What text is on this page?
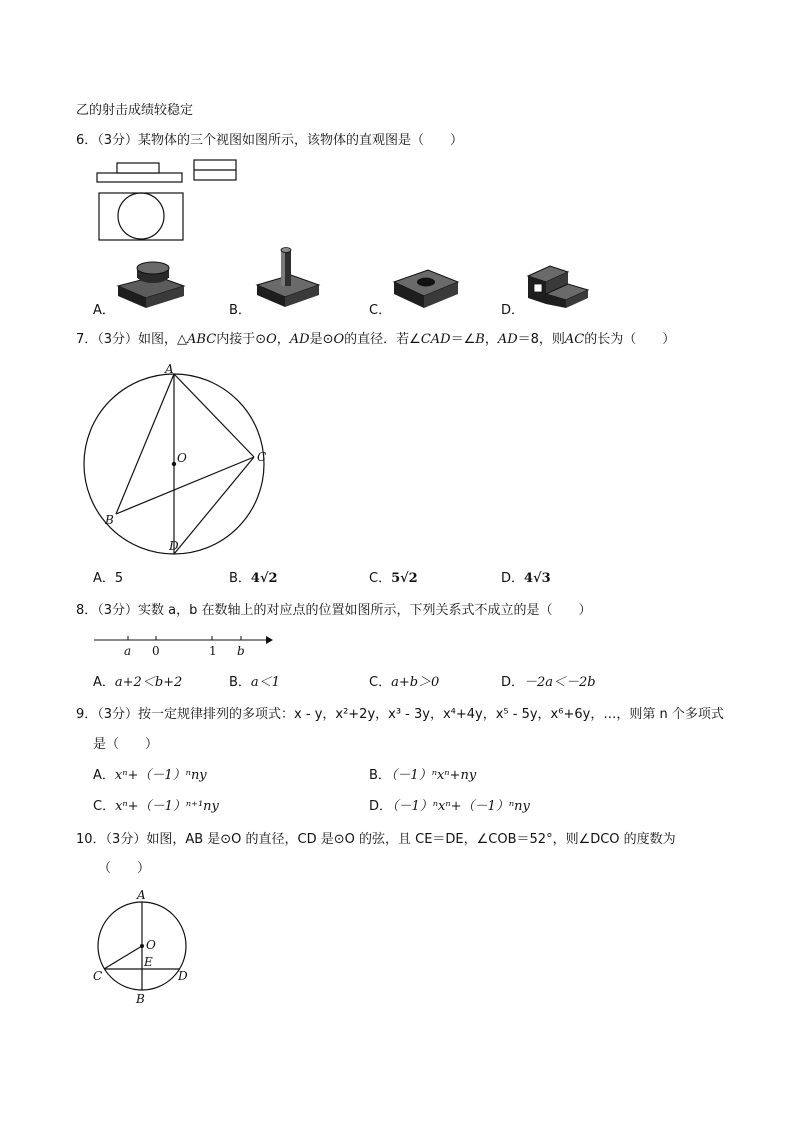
乙的射击成绩较稳定
6．（3分）某物体的三个视图如图所示，该物体的直观图是（　　）
A．	B．	C．	D．
7．（3分）如图，△ABC内接于⊙O，AD是⊙O的直径．若∠CAD＝∠B，AD＝8，则AC的长为（　　）
A
O	C
B
D
A．5	B．4√2	C．5√2	D．4√3
8．（3分）实数 a，b 在数轴上的对应点的位置如图所示，下列关系式不成立的是（　　）
a 0	1 b
A．a+2＜b+2	B．a＜1	C．a+b＞0	D．－2a＜－2b
9．（3分）按一定规律排列的多项式：x - y，x²+2y，x³ - 3y，x⁴+4y，x⁵ - 5y，x⁶+6y，…，则第 n 个多项式
是（　　）
A．xⁿ+（－1）ⁿny	B．（－1）ⁿxⁿ+ny
C．xⁿ+（－1）ⁿ⁺¹ny	D．（－1）ⁿxⁿ+（－1）ⁿny
10．（3分）如图，AB 是⊙O 的直径，CD 是⊙O 的弦，且 CE＝DE，∠COB＝52°，则∠DCO 的度数为
（　　）
A
O
E
C	D
B
